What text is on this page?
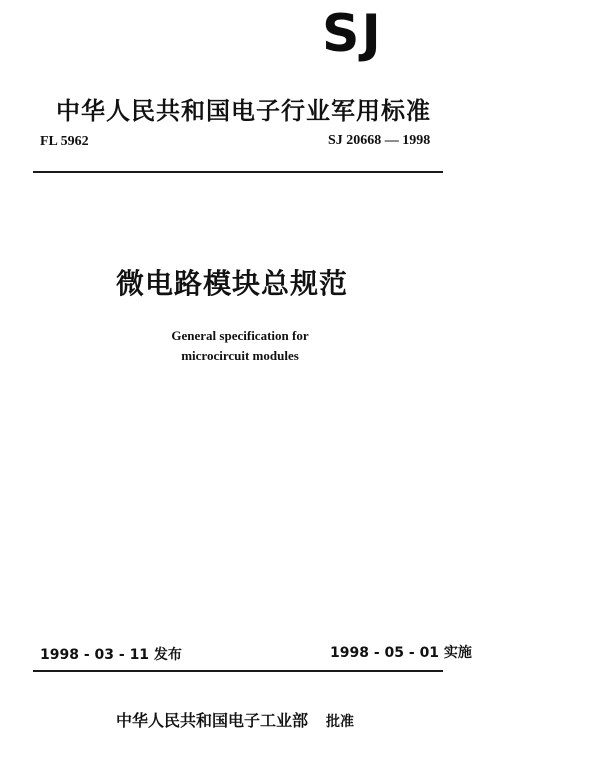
SJ
中华人民共和国电子行业军用标准
FL 5962	SJ 20668 — 1998
微电路模块总规范
General specification for
microcircuit modules
1998 - 03 - 11 发布	1998 - 05 - 01 实施
中华人民共和国电子工业部 批准
